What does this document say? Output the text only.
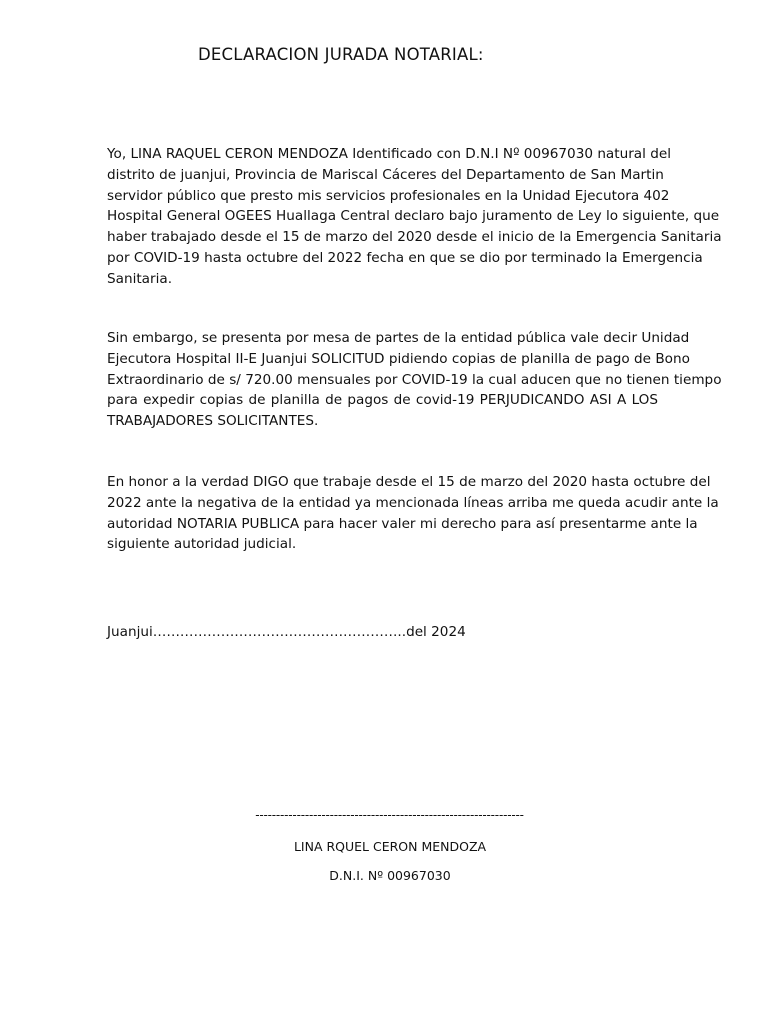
DECLARACION JURADA NOTARIAL:
Yo, LINA RAQUEL CERON MENDOZA Identificado con D.N.I Nº 00967030 natural del
distrito de juanjui, Provincia de Mariscal Cáceres del Departamento de San Martin
servidor público que presto mis servicios profesionales en la Unidad Ejecutora 402
Hospital General OGEES Huallaga Central declaro bajo juramento de Ley lo siguiente, que
haber trabajado desde el 15 de marzo del 2020 desde el inicio de la Emergencia Sanitaria
por COVID-19 hasta octubre del 2022 fecha en que se dio por terminado la Emergencia
Sanitaria.
Sin embargo, se presenta por mesa de partes de la entidad pública vale decir Unidad
Ejecutora Hospital II-E Juanjui SOLICITUD pidiendo copias de planilla de pago de Bono
Extraordinario de s/ 720.00 mensuales por COVID-19 la cual aducen que no tienen tiempo
para expedir copias de planilla de pagos de covid-19 PERJUDICANDO ASI A LOS
TRABAJADORES SOLICITANTES.
En honor a la verdad DIGO que trabaje desde el 15 de marzo del 2020 hasta octubre del
2022 ante la negativa de la entidad ya mencionada líneas arriba me queda acudir ante la
autoridad NOTARIA PUBLICA para hacer valer mi derecho para así presentarme ante la
siguiente autoridad judicial.
Juanjui………………………………………………..del 2024
-----------------------------------------------------------------
LINA RQUEL CERON MENDOZA
D.N.I. Nº 00967030
